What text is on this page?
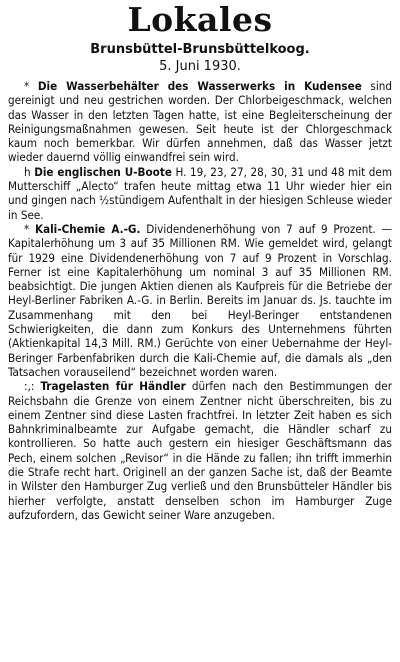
Lokales
Brunsbüttel-Brunsbüttelkoog.
5. Juni 1930.

* Die Wasserbehälter des Wasserwerks in Kudensee sind gereinigt und neu gestrichen worden. Der Chlorbeigeschmack, welchen das Wasser in den letzten Tagen hatte, ist eine Begleiterscheinung der Reinigungsmaßnahmen gewesen. Seit heute ist der Chlorgeschmack kaum noch bemerkbar. Wir dürfen annehmen, daß das Wasser jetzt wieder dauernd völlig einwandfrei sein wird.

h Die englischen U-Boote H. 19, 23, 27, 28, 30, 31 und 48 mit dem Mutterschiff „Alecto“ trafen heute mittag etwa 11 Uhr wieder hier ein und gingen nach ½stündigem Aufenthalt in der hiesigen Schleuse wieder in See.

* Kali-Chemie A.-G. Dividendenerhöhung von 7 auf 9 Prozent. — Kapitalerhöhung um 3 auf 35 Millionen RM. Wie gemeldet wird, gelangt für 1929 eine Dividendenerhöhung von 7 auf 9 Prozent in Vorschlag. Ferner ist eine Kapitalerhöhung um nominal 3 auf 35 Millionen RM. beabsichtigt. Die jungen Aktien dienen als Kaufpreis für die Betriebe der Heyl-Berliner Fabriken A.-G. in Berlin. Bereits im Januar ds. Js. tauchte im Zusammenhang mit den bei Heyl-Beringer entstandenen Schwierigkeiten, die dann zum Konkurs des Unternehmens führten (Aktienkapital 14,3 Mill. RM.) Gerüchte von einer Uebernahme der Heyl-Beringer Farbenfabriken durch die Kali-Chemie auf, die damals als „den Tatsachen vorauseilend“ bezeichnet worden waren.

:,: Tragelasten für Händler dürfen nach den Bestimmungen der Reichsbahn die Grenze von einem Zentner nicht überschreiten, bis zu einem Zentner sind diese Lasten frachtfrei. In letzter Zeit haben es sich Bahnkriminalbeamte zur Aufgabe gemacht, die Händler scharf zu kontrollieren. So hatte auch gestern ein hiesiger Geschäftsmann das Pech, einem solchen „Revisor“ in die Hände zu fallen; ihn trifft immerhin die Strafe recht hart. Originell an der ganzen Sache ist, daß der Beamte in Wilster den Hamburger Zug verließ und den Brunsbütteler Händler bis hierher verfolgte, anstatt denselben schon im Hamburger Zuge aufzufordern, das Gewicht seiner Ware anzugeben.
